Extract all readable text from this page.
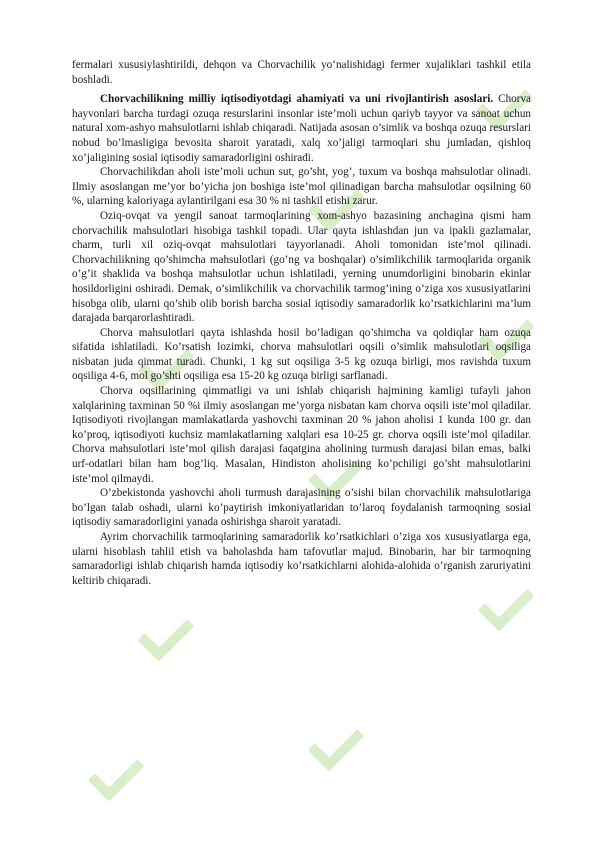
fermalari xususiylashtirildi, dehqon va Chorvachilik yo‘nalishidagi fermer xujaliklari tashkil etila boshladi.

Chorvachilikning milliy iqtisodiyotdagi ahamiyati va uni rivojlantirish asoslari. Chorva hayvonlari barcha turdagi ozuqa resurslarini insonlar iste’moli uchun qariyb tayyor va sanoat uchun natural xom-ashyo mahsulotlarni ishlab chiqaradi. Natijada asosan o’simlik va boshqa ozuqa resurslari nobud bo’lmasligiga bevosita sharoit yaratadi, xalq xo’jaligi tarmoqlari shu jumladan, qishloq xo’jaligining sosial iqtisodiy samaradorligini oshiradi.

Chorvachilikdan aholi iste’moli uchun sut, go’sht, yog’, tuxum va boshqa mahsulotlar olinadi. Ilmiy asoslangan me’yor bo’yicha jon boshiga iste’mol qilinadigan barcha mahsulotlar oqsilning 60 %, ularning kaloriyaga aylantirilgani esa 30 % ni tashkil etishi zarur.

Oziq-ovqat va yengil sanoat tarmoqlarining xom-ashyo bazasining anchagina qismi ham chorvachilik mahsulotlari hisobiga tashkil topadi. Ular qayta ishlashdan jun va ipakli gazlamalar, charm, turli xil oziq-ovqat mahsulotlari tayyorlanadi. Aholi tomonidan iste’mol qilinadi. Chorvachilikning qo’shimcha mahsulotlari (go’ng va boshqalar) o’simlikchilik tarmoqlarida organik o’g’it shaklida va boshqa mahsulotlar uchun ishlatiladi, yerning unumdorligini binobarin ekinlar hosildorligini oshiradi. Demak, o’simlikchilik va chorvachilik tarmog’ining o’ziga xos xususiyatlarini hisobga olib, ularni qo’shib olib borish barcha sosial iqtisodiy samaradorlik ko’rsatkichlarini ma’lum darajada barqarorlashtiradi.

Chorva mahsulotlari qayta ishlashda hosil bo’ladigan qo’shimcha va qoldiqlar ham ozuqa sifatida ishlatiladi. Ko’rsatish lozimki, chorva mahsulotlari oqsili o’simlik mahsulotlari oqsiliga nisbatan juda qimmat turadi. Chunki, 1 kg sut oqsiliga 3-5 kg ozuqa birligi, mos ravishda tuxum oqsiliga 4-6, mol go’shti oqsiliga esa 15-20 kg ozuqa birligi sarflanadi.

Chorva oqsillarining qimmatligi va uni ishlab chiqarish hajmining kamligi tufayli jahon xalqlarining taxminan 50 %i ilmiy asoslangan me’yorga nisbatan kam chorva oqsili iste’mol qiladilar. Iqtisodiyoti rivojlangan mamlakatlarda yashovchi taxminan 20 % jahon aholisi 1 kunda 100 gr. dan ko’proq, iqtisodiyoti kuchsiz mamlakatlarning xalqlari esa 10-25 gr. chorva oqsili iste’mol qiladilar. Chorva mahsulotlari iste’mol qilish darajasi faqatgina aholining turmush darajasi bilan emas, balki urf-odatlari bilan ham bog’liq. Masalan, Hindiston aholisining ko’pchiligi go’sht mahsulotlarini iste’mol qilmaydi.

O’zbekistonda yashovchi aholi turmush darajasining o’sishi bilan chorvachilik mahsulotlariga bo’lgan talab oshadi, ularni ko’paytirish imkoniyatlaridan to’laroq foydalanish tarmoqning sosial iqtisodiy samaradorligini yanada oshirishga sharoit yaratadi.

Ayrim chorvachilik tarmoqlarining samaradorlik ko’rsatkichlari o’ziga xos xususiyatlarga ega, ularni hisoblash tahlil etish va baholashda ham tafovutlar majud. Binobarin, har bir tarmoqning samaradorligi ishlab chiqarish hamda iqtisodiy ko’rsatkichlarni alohida-alohida o’rganish zaruriyatini keltirib chiqaradi.
